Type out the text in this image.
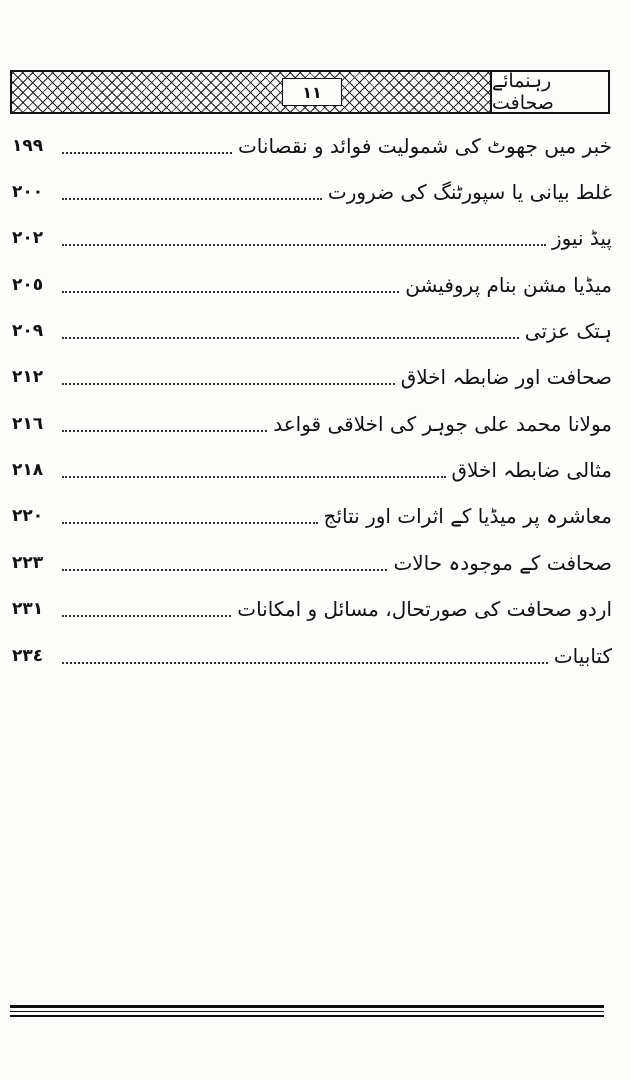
١١	رہنمائے صحافت
خبر میں جھوٹ کی شمولیت فوائد و نقصانات
١٩٩
غلط بیانی یا سپورٹنگ کی ضرورت
٢٠٠
پیڈ نیوز
٢٠٢
میڈیا مشن بنام پروفیشن
٢٠٥
ہتک عزتی
٢٠٩
صحافت اور ضابطہ اخلاق
٢١٢
مولانا محمد علی جوہر کی اخلاقی قواعد
٢١٦
مثالی ضابطہ اخلاق
٢١٨
معاشرہ پر میڈیا کے اثرات اور نتائج
٢٢٠
صحافت کے موجودہ حالات
٢٢٣
اردو صحافت کی صورتحال، مسائل و امکانات
٢٣١
کتابیات
٢٣٤
